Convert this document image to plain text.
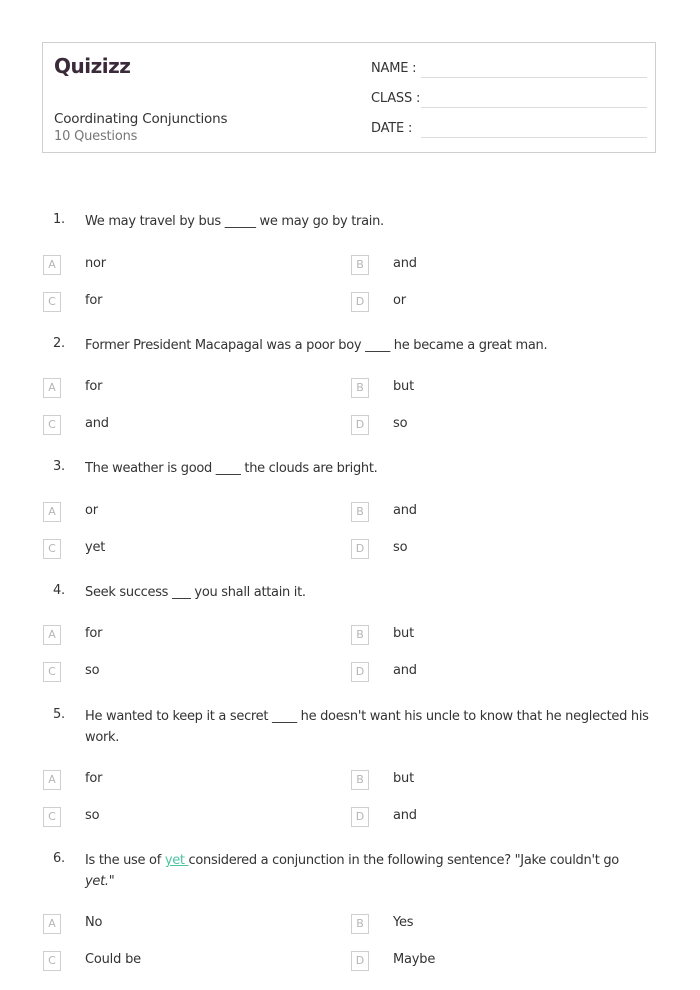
Quizizz
Coordinating Conjunctions
10 Questions
NAME :
CLASS :
DATE :
1. We may travel by bus _____ we may go by train.
A	nor	B	and
C	for	D	or
2. Former President Macapagal was a poor boy ____ he became a great man.
A	for	B	but
C	and	D	so
3. The weather is good ____ the clouds are bright.
A	or	B	and
C	yet	D	so
4. Seek success ___ you shall attain it.
A	for	B	but
C	so	D	and
5. He wanted to keep it a secret ____ he doesn't want his uncle to know that he neglected his work.
A	for	B	but
C	so	D	and
6. Is the use of yet considered a conjunction in the following sentence? "Jake couldn't go yet."
A	No	B	Yes
C	Could be	D	Maybe
